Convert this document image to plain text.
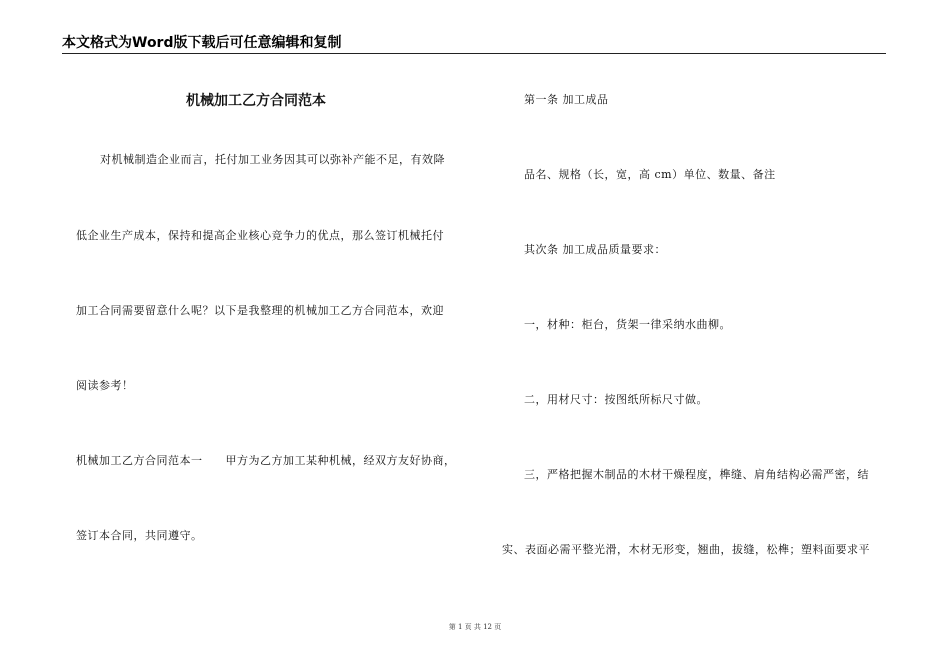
本文格式为Word版下载后可任意编辑和复制
机械加工乙方合同范本
对机械制造企业而言，托付加工业务因其可以弥补产能不足，有效降
低企业生产成本，保持和提高企业核心竞争力的优点，那么签订机械托付
加工合同需要留意什么呢？以下是我整理的机械加工乙方合同范本，欢迎
阅读参考！
机械加工乙方合同范本一　　甲方为乙方加工某种机械，经双方友好协商，
签订本合同，共同遵守。
第一条 加工成品
品名、规格（长，宽，高 cm）单位、数量、备注
其次条 加工成品质量要求：
一，材种：柜台，货架一律采纳水曲柳。
二，用材尺寸：按图纸所标尺寸做。
三，严格把握木制品的木材干燥程度，榫缝、肩角结构必需严密，结
实、表面必需平整光滑，木材无形变，翘曲，拔缝，松榫；塑料面要求平
第 1 页 共 12 页
